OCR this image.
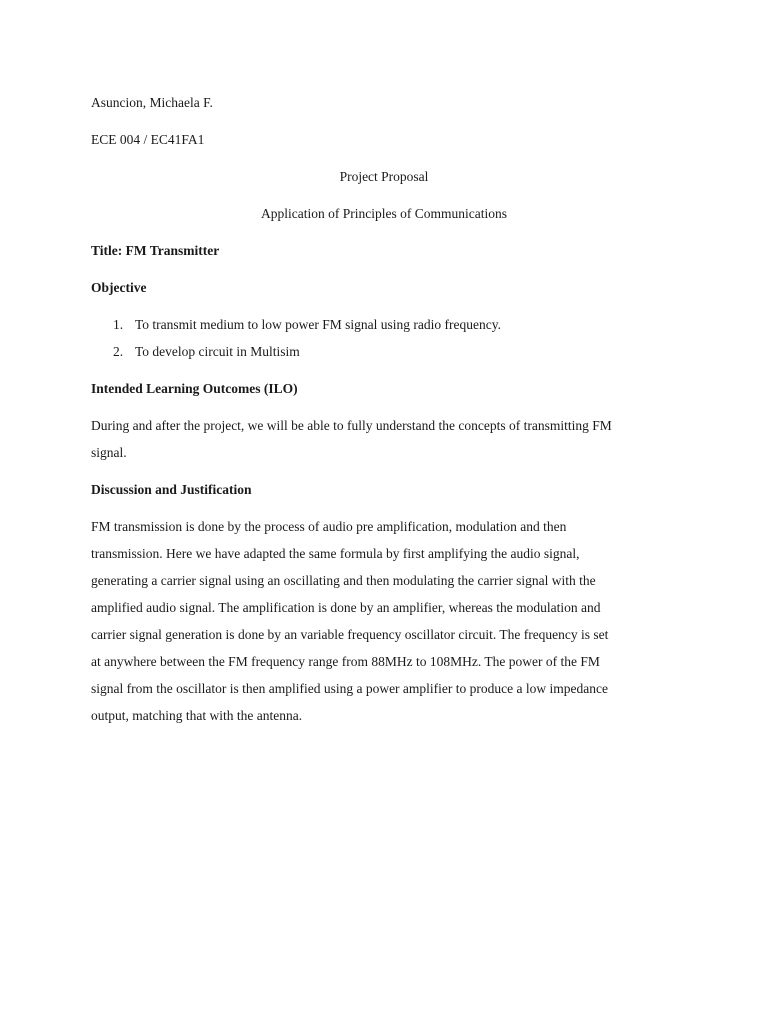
Asuncion, Michaela F.
ECE 004 / EC41FA1
Project Proposal
Application of Principles of Communications
Title: FM Transmitter
Objective
1. To transmit medium to low power FM signal using radio frequency.
2. To develop circuit in Multisim
Intended Learning Outcomes (ILO)
During and after the project, we will be able to fully understand the concepts of transmitting FM
signal.
Discussion and Justification
FM transmission is done by the process of audio pre amplification, modulation and then
transmission. Here we have adapted the same formula by first amplifying the audio signal,
generating a carrier signal using an oscillating and then modulating the carrier signal with the
amplified audio signal. The amplification is done by an amplifier, whereas the modulation and
carrier signal generation is done by an variable frequency oscillator circuit. The frequency is set
at anywhere between the FM frequency range from 88MHz to 108MHz. The power of the FM
signal from the oscillator is then amplified using a power amplifier to produce a low impedance
output, matching that with the antenna.
